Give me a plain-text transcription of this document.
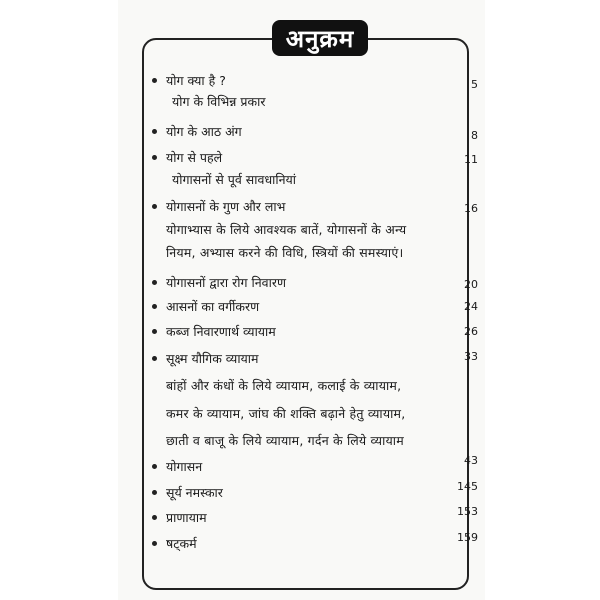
अनुक्रम
योग क्या है ?	5
योग के विभिन्न प्रकार
योग के आठ अंग	8
योग से पहले	11
योगासनों से पूर्व सावधानियां
योगासनों के गुण और लाभ	16
योगाभ्यास के लिये आवश्यक बातें, योगासनों के अन्य
नियम, अभ्यास करने की विधि, स्त्रियों की समस्याएं।
योगासनों द्वारा रोग निवारण	20
आसनों का वर्गीकरण	24
कब्ज निवारणार्थ व्यायाम	26
सूक्ष्म यौगिक व्यायाम	33
बांहों और कंधों के लिये व्यायाम, कलाई के व्यायाम,
कमर के व्यायाम, जांघ की शक्ति बढ़ाने हेतु व्यायाम,
छाती व बाजू के लिये व्यायाम, गर्दन के लिये व्यायाम
योगासन	43
सूर्य नमस्कार	145
प्राणायाम	153
षट्कर्म	159
